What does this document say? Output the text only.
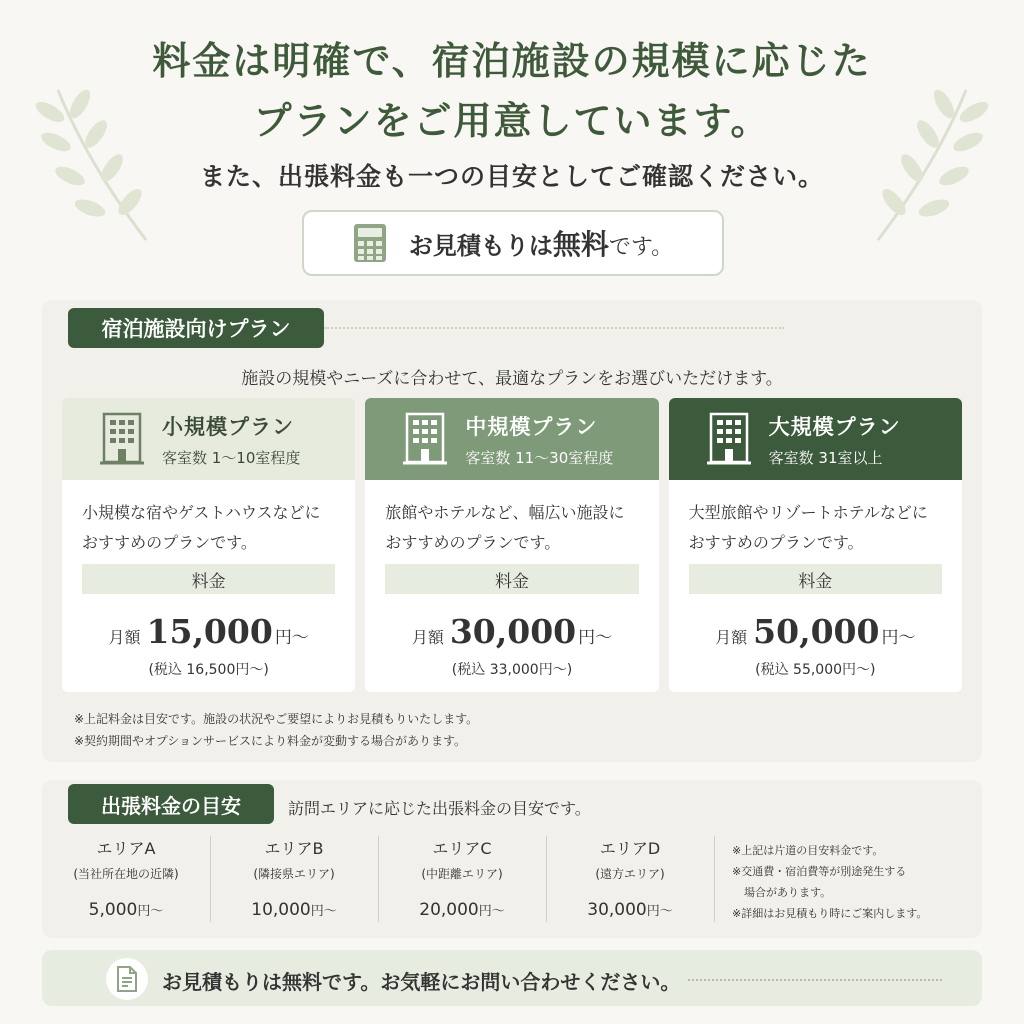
料金は明確で、宿泊施設の規模に応じた
プランをご用意しています。
また、出張料金も一つの目安としてご確認ください。
お見積もりは無料です。
宿泊施設向けプラン
施設の規模やニーズに合わせて、最適なプランをお選びいただけます。
小規模プラン
客室数 1〜10室程度
小規模な宿やゲストハウスなどに
おすすめのプランです。
料金
月額 15,000 円〜
(税込 16,500円〜)
中規模プラン
客室数 11〜30室程度
旅館やホテルなど、幅広い施設に
おすすめのプランです。
料金
月額 30,000 円〜
(税込 33,000円〜)
大規模プラン
客室数 31室以上
大型旅館やリゾートホテルなどに
おすすめのプランです。
料金
月額 50,000 円〜
(税込 55,000円〜)
※上記料金は目安です。施設の状況やご要望によりお見積もりいたします。
※契約期間やオプションサービスにより料金が変動する場合があります。
出張料金の目安	訪問エリアに応じた出張料金の目安です。
エリアA
(当社所在地の近隣)
5,000円〜
エリアB
(隣接県エリア)
10,000円〜
エリアC
(中距離エリア)
20,000円〜
エリアD
(遠方エリア)
30,000円〜
※上記は片道の目安料金です。
※交通費・宿泊費等が別途発生する
場合があります。
※詳細はお見積もり時にご案内します。
お見積もりは無料です。お気軽にお問い合わせください。
